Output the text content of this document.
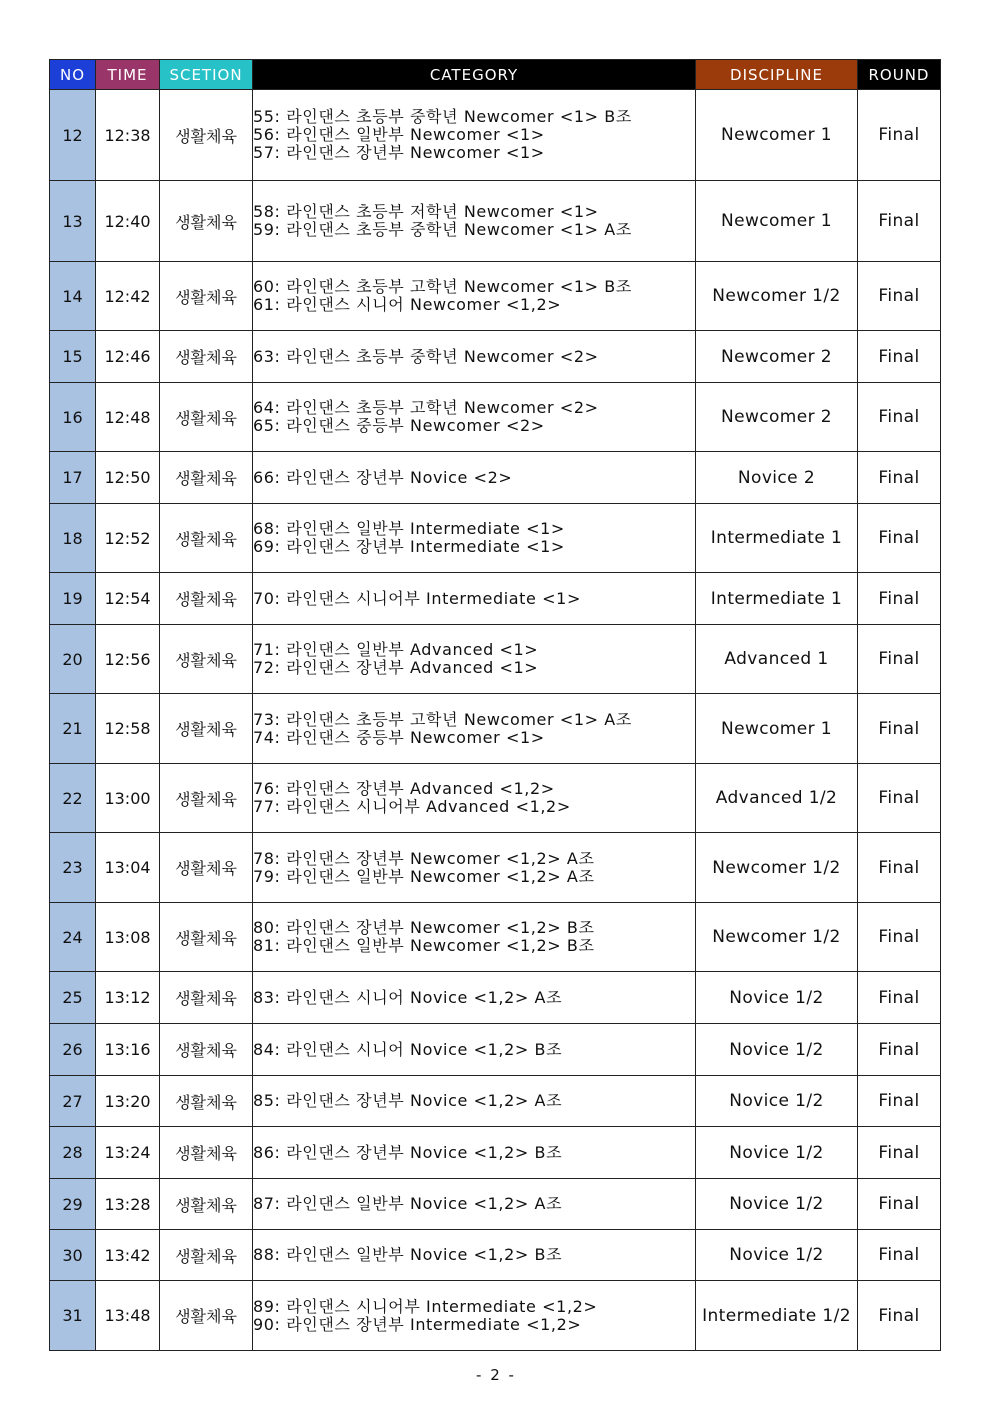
NO	TIME	SCETION	CATEGORY	DISCIPLINE	ROUND
12	12:38	생활체육	55: 라인댄스 초등부 중학년 Newcomer <1> B조
56: 라인댄스 일반부 Newcomer <1>
57: 라인댄스 장년부 Newcomer <1>	Newcomer 1	Final
13	12:40	생활체육	58: 라인댄스 초등부 저학년 Newcomer <1>
59: 라인댄스 초등부 중학년 Newcomer <1> A조	Newcomer 1	Final
14	12:42	생활체육	60: 라인댄스 초등부 고학년 Newcomer <1> B조
61: 라인댄스 시니어 Newcomer <1,2>	Newcomer 1/2	Final
15	12:46	생활체육	63: 라인댄스 초등부 중학년 Newcomer <2>	Newcomer 2	Final
16	12:48	생활체육	64: 라인댄스 초등부 고학년 Newcomer <2>
65: 라인댄스 중등부 Newcomer <2>	Newcomer 2	Final
17	12:50	생활체육	66: 라인댄스 장년부 Novice <2>	Novice 2	Final
18	12:52	생활체육	68: 라인댄스 일반부 Intermediate <1>
69: 라인댄스 장년부 Intermediate <1>	Intermediate 1	Final
19	12:54	생활체육	70: 라인댄스 시니어부 Intermediate <1>	Intermediate 1	Final
20	12:56	생활체육	71: 라인댄스 일반부 Advanced <1>
72: 라인댄스 장년부 Advanced <1>	Advanced 1	Final
21	12:58	생활체육	73: 라인댄스 초등부 고학년 Newcomer <1> A조
74: 라인댄스 중등부 Newcomer <1>	Newcomer 1	Final
22	13:00	생활체육	76: 라인댄스 장년부 Advanced <1,2>
77: 라인댄스 시니어부 Advanced <1,2>	Advanced 1/2	Final
23	13:04	생활체육	78: 라인댄스 장년부 Newcomer <1,2> A조
79: 라인댄스 일반부 Newcomer <1,2> A조	Newcomer 1/2	Final
24	13:08	생활체육	80: 라인댄스 장년부 Newcomer <1,2> B조
81: 라인댄스 일반부 Newcomer <1,2> B조	Newcomer 1/2	Final
25	13:12	생활체육	83: 라인댄스 시니어 Novice <1,2> A조	Novice 1/2	Final
26	13:16	생활체육	84: 라인댄스 시니어 Novice <1,2> B조	Novice 1/2	Final
27	13:20	생활체육	85: 라인댄스 장년부 Novice <1,2> A조	Novice 1/2	Final
28	13:24	생활체육	86: 라인댄스 장년부 Novice <1,2> B조	Novice 1/2	Final
29	13:28	생활체육	87: 라인댄스 일반부 Novice <1,2> A조	Novice 1/2	Final
30	13:42	생활체육	88: 라인댄스 일반부 Novice <1,2> B조	Novice 1/2	Final
31	13:48	생활체육	89: 라인댄스 시니어부 Intermediate <1,2>
90: 라인댄스 장년부 Intermediate <1,2>	Intermediate 1/2	Final
- 2 -
